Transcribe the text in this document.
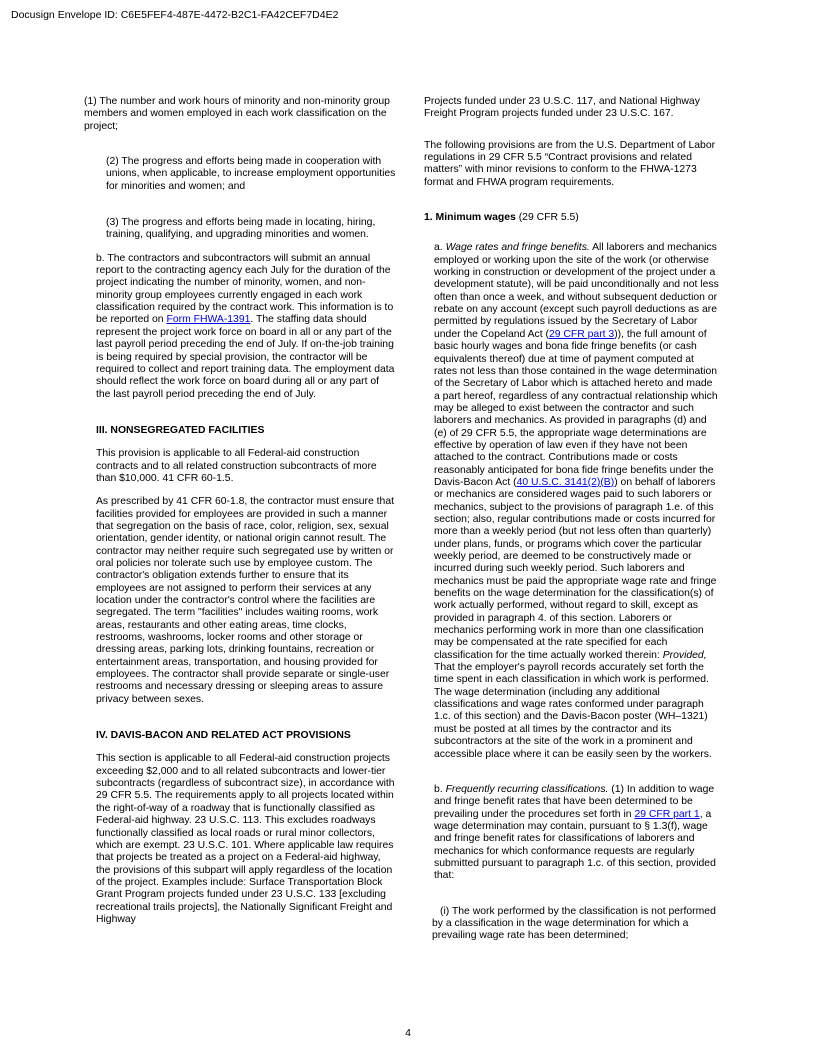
Docusign Envelope ID: C6E5FEF4-487E-4472-B2C1-FA42CEF7D4E2

(1) The number and work hours of minority and non-minority group members and women employed in each work classification on the project;

(2) The progress and efforts being made in cooperation with unions, when applicable, to increase employment opportunities for minorities and women; and

(3) The progress and efforts being made in locating, hiring, training, qualifying, and upgrading minorities and women.

b. The contractors and subcontractors will submit an annual report to the contracting agency each July for the duration of the project indicating the number of minority, women, and non-minority group employees currently engaged in each work classification required by the contract work. This information is to be reported on Form FHWA-1391. The staffing data should represent the project work force on board in all or any part of the last payroll period preceding the end of July. If on-the-job training is being required by special provision, the contractor will be required to collect and report training data. The employment data should reflect the work force on board during all or any part of the last payroll period preceding the end of July.

III. NONSEGREGATED FACILITIES

This provision is applicable to all Federal-aid construction contracts and to all related construction subcontracts of more than $10,000. 41 CFR 60-1.5.

As prescribed by 41 CFR 60-1.8, the contractor must ensure that facilities provided for employees are provided in such a manner that segregation on the basis of race, color, religion, sex, sexual orientation, gender identity, or national origin cannot result. The contractor may neither require such segregated use by written or oral policies nor tolerate such use by employee custom. The contractor's obligation extends further to ensure that its employees are not assigned to perform their services at any location under the contractor's control where the facilities are segregated. The term "facilities" includes waiting rooms, work areas, restaurants and other eating areas, time clocks, restrooms, washrooms, locker rooms and other storage or dressing areas, parking lots, drinking fountains, recreation or entertainment areas, transportation, and housing provided for employees. The contractor shall provide separate or single-user restrooms and necessary dressing or sleeping areas to assure privacy between sexes.

IV. DAVIS-BACON AND RELATED ACT PROVISIONS

This section is applicable to all Federal-aid construction projects exceeding $2,000 and to all related subcontracts and lower-tier subcontracts (regardless of subcontract size), in accordance with 29 CFR 5.5. The requirements apply to all projects located within the right-of-way of a roadway that is functionally classified as Federal-aid highway. 23 U.S.C. 113. This excludes roadways functionally classified as local roads or rural minor collectors, which are exempt. 23 U.S.C. 101. Where applicable law requires that projects be treated as a project on a Federal-aid highway, the provisions of this subpart will apply regardless of the location of the project. Examples include: Surface Transportation Block Grant Program projects funded under 23 U.S.C. 133 [excluding recreational trails projects], the Nationally Significant Freight and Highway

Projects funded under 23 U.S.C. 117, and National Highway Freight Program projects funded under 23 U.S.C. 167.

The following provisions are from the U.S. Department of Labor regulations in 29 CFR 5.5 “Contract provisions and related matters” with minor revisions to conform to the FHWA-1273 format and FHWA program requirements.

1. Minimum wages (29 CFR 5.5)

a. Wage rates and fringe benefits. All laborers and mechanics employed or working upon the site of the work (or otherwise working in construction or development of the project under a development statute), will be paid unconditionally and not less often than once a week, and without subsequent deduction or rebate on any account (except such payroll deductions as are permitted by regulations issued by the Secretary of Labor under the Copeland Act (29 CFR part 3)), the full amount of basic hourly wages and bona fide fringe benefits (or cash equivalents thereof) due at time of payment computed at rates not less than those contained in the wage determination of the Secretary of Labor which is attached hereto and made a part hereof, regardless of any contractual relationship which may be alleged to exist between the contractor and such laborers and mechanics. As provided in paragraphs (d) and (e) of 29 CFR 5.5, the appropriate wage determinations are effective by operation of law even if they have not been attached to the contract. Contributions made or costs reasonably anticipated for bona fide fringe benefits under the Davis-Bacon Act (40 U.S.C. 3141(2)(B)) on behalf of laborers or mechanics are considered wages paid to such laborers or mechanics, subject to the provisions of paragraph 1.e. of this section; also, regular contributions made or costs incurred for more than a weekly period (but not less often than quarterly) under plans, funds, or programs which cover the particular weekly period, are deemed to be constructively made or incurred during such weekly period. Such laborers and mechanics must be paid the appropriate wage rate and fringe benefits on the wage determination for the classification(s) of work actually performed, without regard to skill, except as provided in paragraph 4. of this section. Laborers or mechanics performing work in more than one classification may be compensated at the rate specified for each classification for the time actually worked therein: Provided, That the employer's payroll records accurately set forth the time spent in each classification in which work is performed. The wage determination (including any additional classifications and wage rates conformed under paragraph 1.c. of this section) and the Davis-Bacon poster (WH–1321) must be posted at all times by the contractor and its subcontractors at the site of the work in a prominent and accessible place where it can be easily seen by the workers.

b. Frequently recurring classifications. (1) In addition to wage and fringe benefit rates that have been determined to be prevailing under the procedures set forth in 29 CFR part 1, a wage determination may contain, pursuant to § 1.3(f), wage and fringe benefit rates for classifications of laborers and mechanics for which conformance requests are regularly submitted pursuant to paragraph 1.c. of this section, provided that:

(i) The work performed by the classification is not performed by a classification in the wage determination for which a prevailing wage rate has been determined;

4
